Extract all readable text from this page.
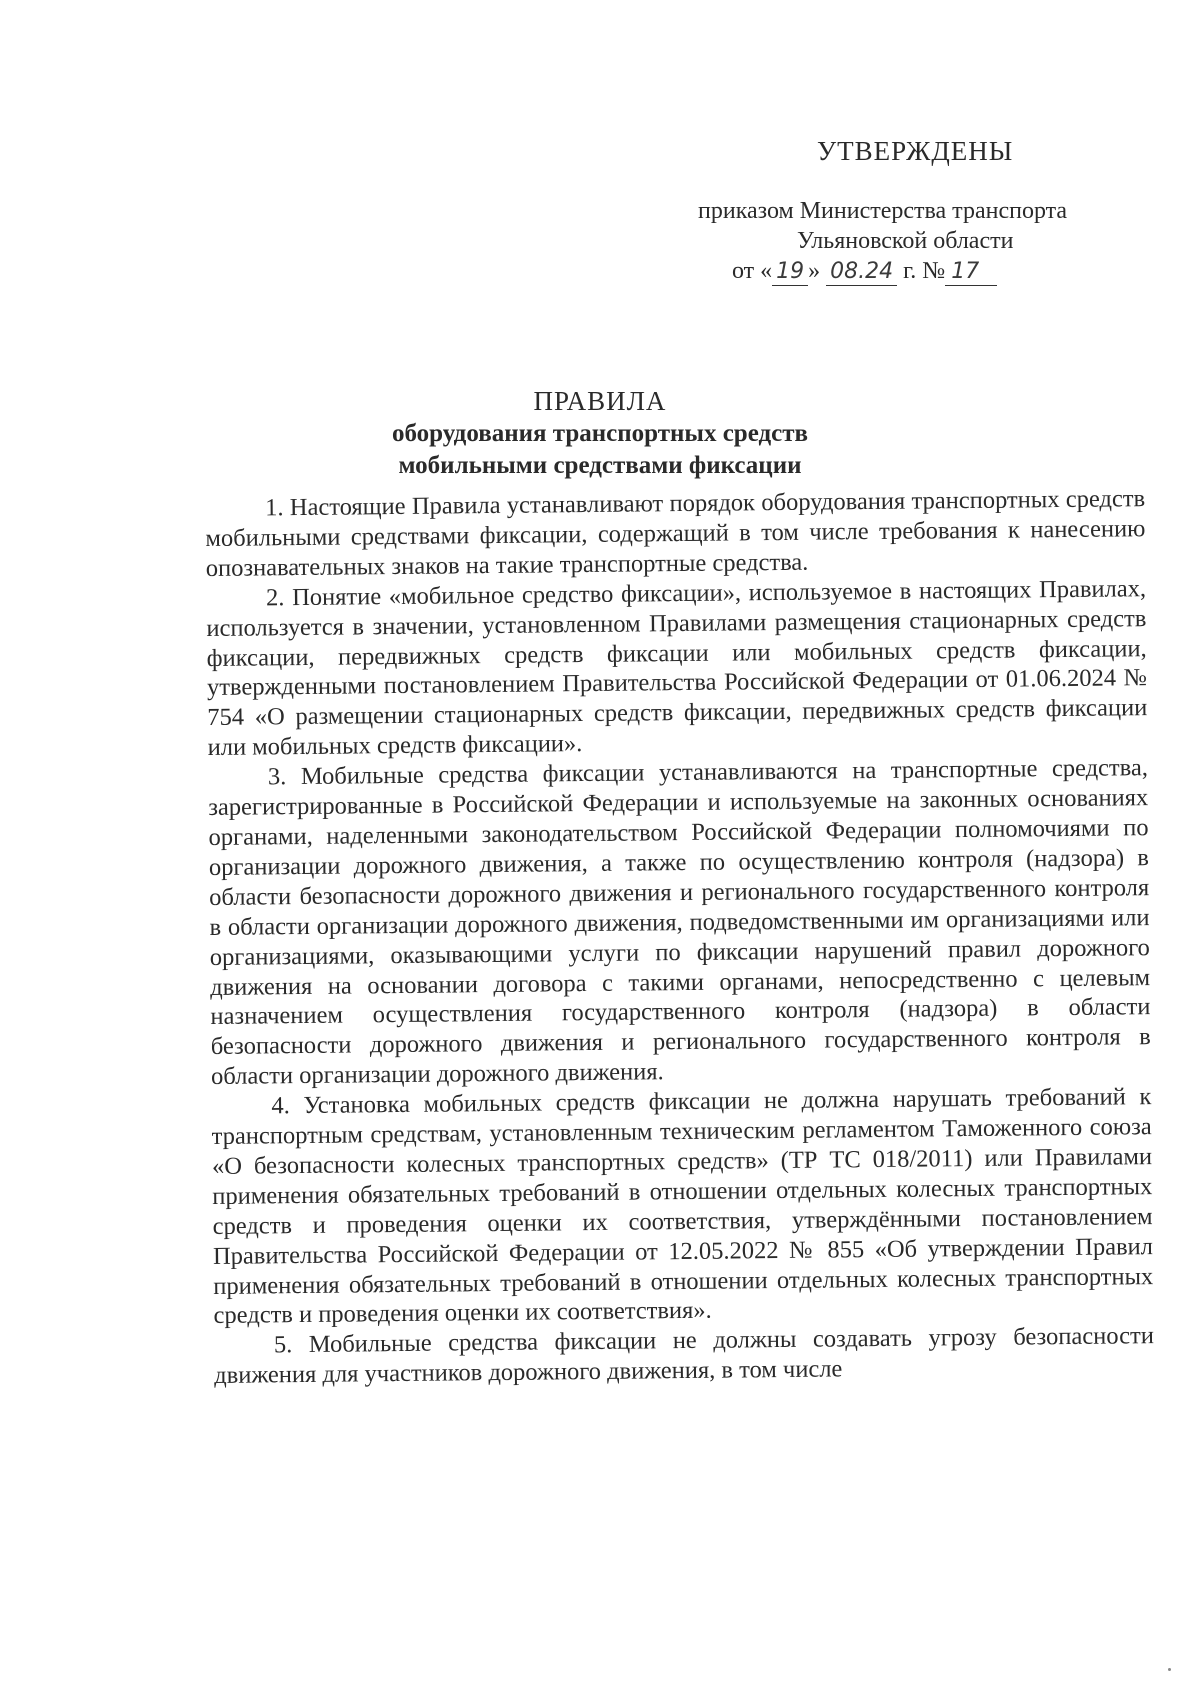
УТВЕРЖДЕНЫ
приказом Министерства транспорта
Ульяновской области
от « 19 » 08.24 г. № 17
ПРАВИЛА
оборудования транспортных средств
мобильными средствами фиксации

1. Настоящие Правила устанавливают порядок оборудования транспортных средств мобильными средствами фиксации, содержащий в том числе требования к нанесению опознавательных знаков на такие транспортные средства.

2. Понятие «мобильное средство фиксации», используемое в настоящих Правилах, используется в значении, установленном Правилами размещения стационарных средств фиксации, передвижных средств фиксации или мобильных средств фиксации, утвержденными постановлением Правительства Российской Федерации от 01.06.2024 № 754 «О размещении стационарных средств фиксации, передвижных средств фиксации или мобильных средств фиксации».

3. Мобильные средства фиксации устанавливаются на транспортные средства, зарегистрированные в Российской Федерации и используемые на законных основаниях органами, наделенными законодательством Российской Федерации полномочиями по организации дорожного движения, а также по осуществлению контроля (надзора) в области безопасности дорожного движения и регионального государственного контроля в области организации дорожного движения, подведомственными им организациями или организациями, оказывающими услуги по фиксации нарушений правил дорожного движения на основании договора с такими органами, непосредственно с целевым назначением осуществления государственного контроля (надзора) в области безопасности дорожного движения и регионального государственного контроля в области организации дорожного движения.

4. Установка мобильных средств фиксации не должна нарушать требований к транспортным средствам, установленным техническим регламентом Таможенного союза «О безопасности колесных транспортных средств» (ТР ТС 018/2011) или Правилами применения обязательных требований в отношении отдельных колесных транспортных средств и проведения оценки их соответствия, утверждёнными постановлением Правительства Российской Федерации от 12.05.2022 № 855 «Об утверждении Правил применения обязательных требований в отношении отдельных колесных транспортных средств и проведения оценки их соответствия».

5. Мобильные средства фиксации не должны создавать угрозу безопасности движения для участников дорожного движения, в том числе
